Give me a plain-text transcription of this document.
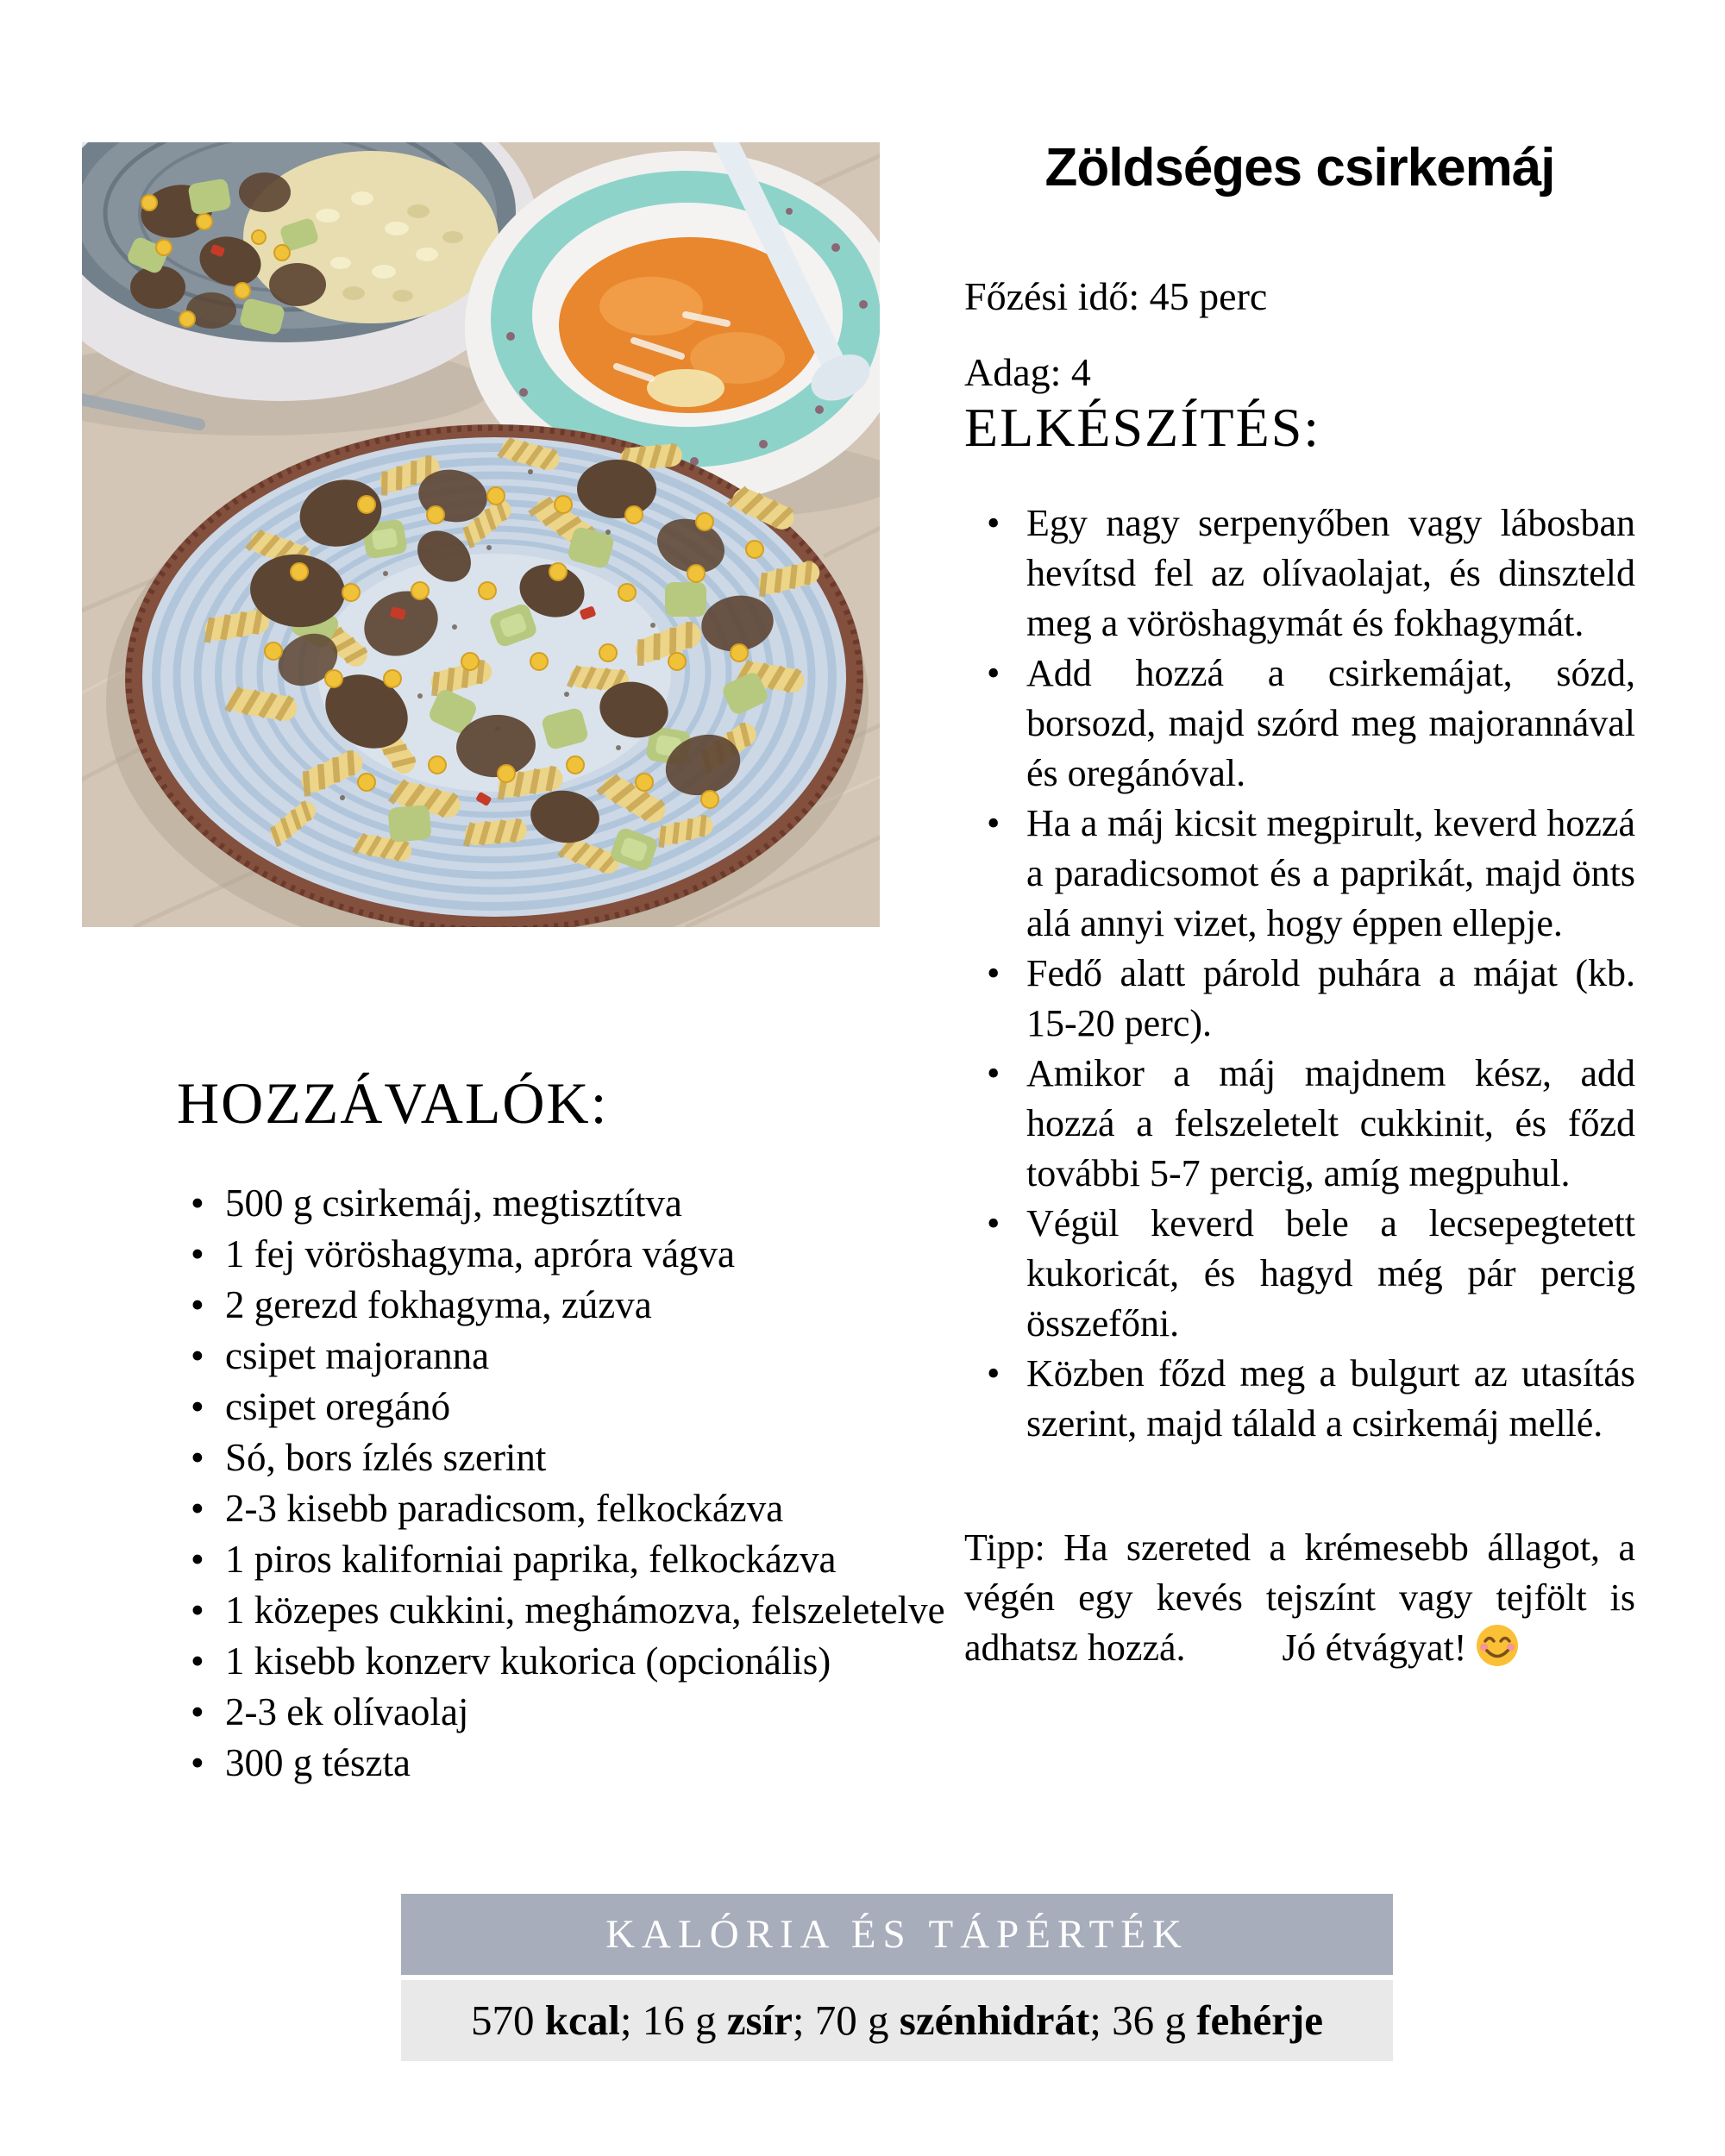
Zöldséges csirkemáj

Főzési idő: 45 perc

Adag: 4

ELKÉSZÍTÉS:
• Egy nagy serpenyőben vagy lábosban hevítsd fel az olívaolajat, és dinszteld meg a vöröshagymát és fokhagymát.
• Add hozzá a csirkemájat, sózd, borsozd, majd szórd meg majorannával és oregánóval.
• Ha a máj kicsit megpirult, keverd hozzá a paradicsomot és a paprikát, majd önts alá annyi vizet, hogy éppen ellepje.
• Fedő alatt párold puhára a májat (kb. 15-20 perc).
• Amikor a máj majdnem kész, add hozzá a felszeletelt cukkinit, és főzd további 5-7 percig, amíg megpuhul.
• Végül keverd bele a lecsepegtetett kukoricát, és hagyd még pár percig összefőni.
• Közben főzd meg a bulgurt az utasítás szerint, majd tálald a csirkemáj mellé.

Tipp: Ha szereted a krémesebb állagot, a végén egy kevés tejszínt vagy tejfölt is adhatsz hozzá.	Jó étvágyat!

HOZZÁVALÓK:
• 500 g csirkemáj, megtisztítva
• 1 fej vöröshagyma, apróra vágva
• 2 gerezd fokhagyma, zúzva
• csipet majoranna
• csipet oregánó
• Só, bors ízlés szerint
• 2-3 kisebb paradicsom, felkockázva
• 1 piros kaliforniai paprika, felkockázva
• 1 közepes cukkini, meghámozva, felszeletelve
• 1 kisebb konzerv kukorica (opcionális)
• 2-3 ek olívaolaj
• 300 g tészta
KALÓRIA ÉS TÁPÉRTÉK
570 kcal; 16 g zsír; 70 g szénhidrát; 36 g fehérje
